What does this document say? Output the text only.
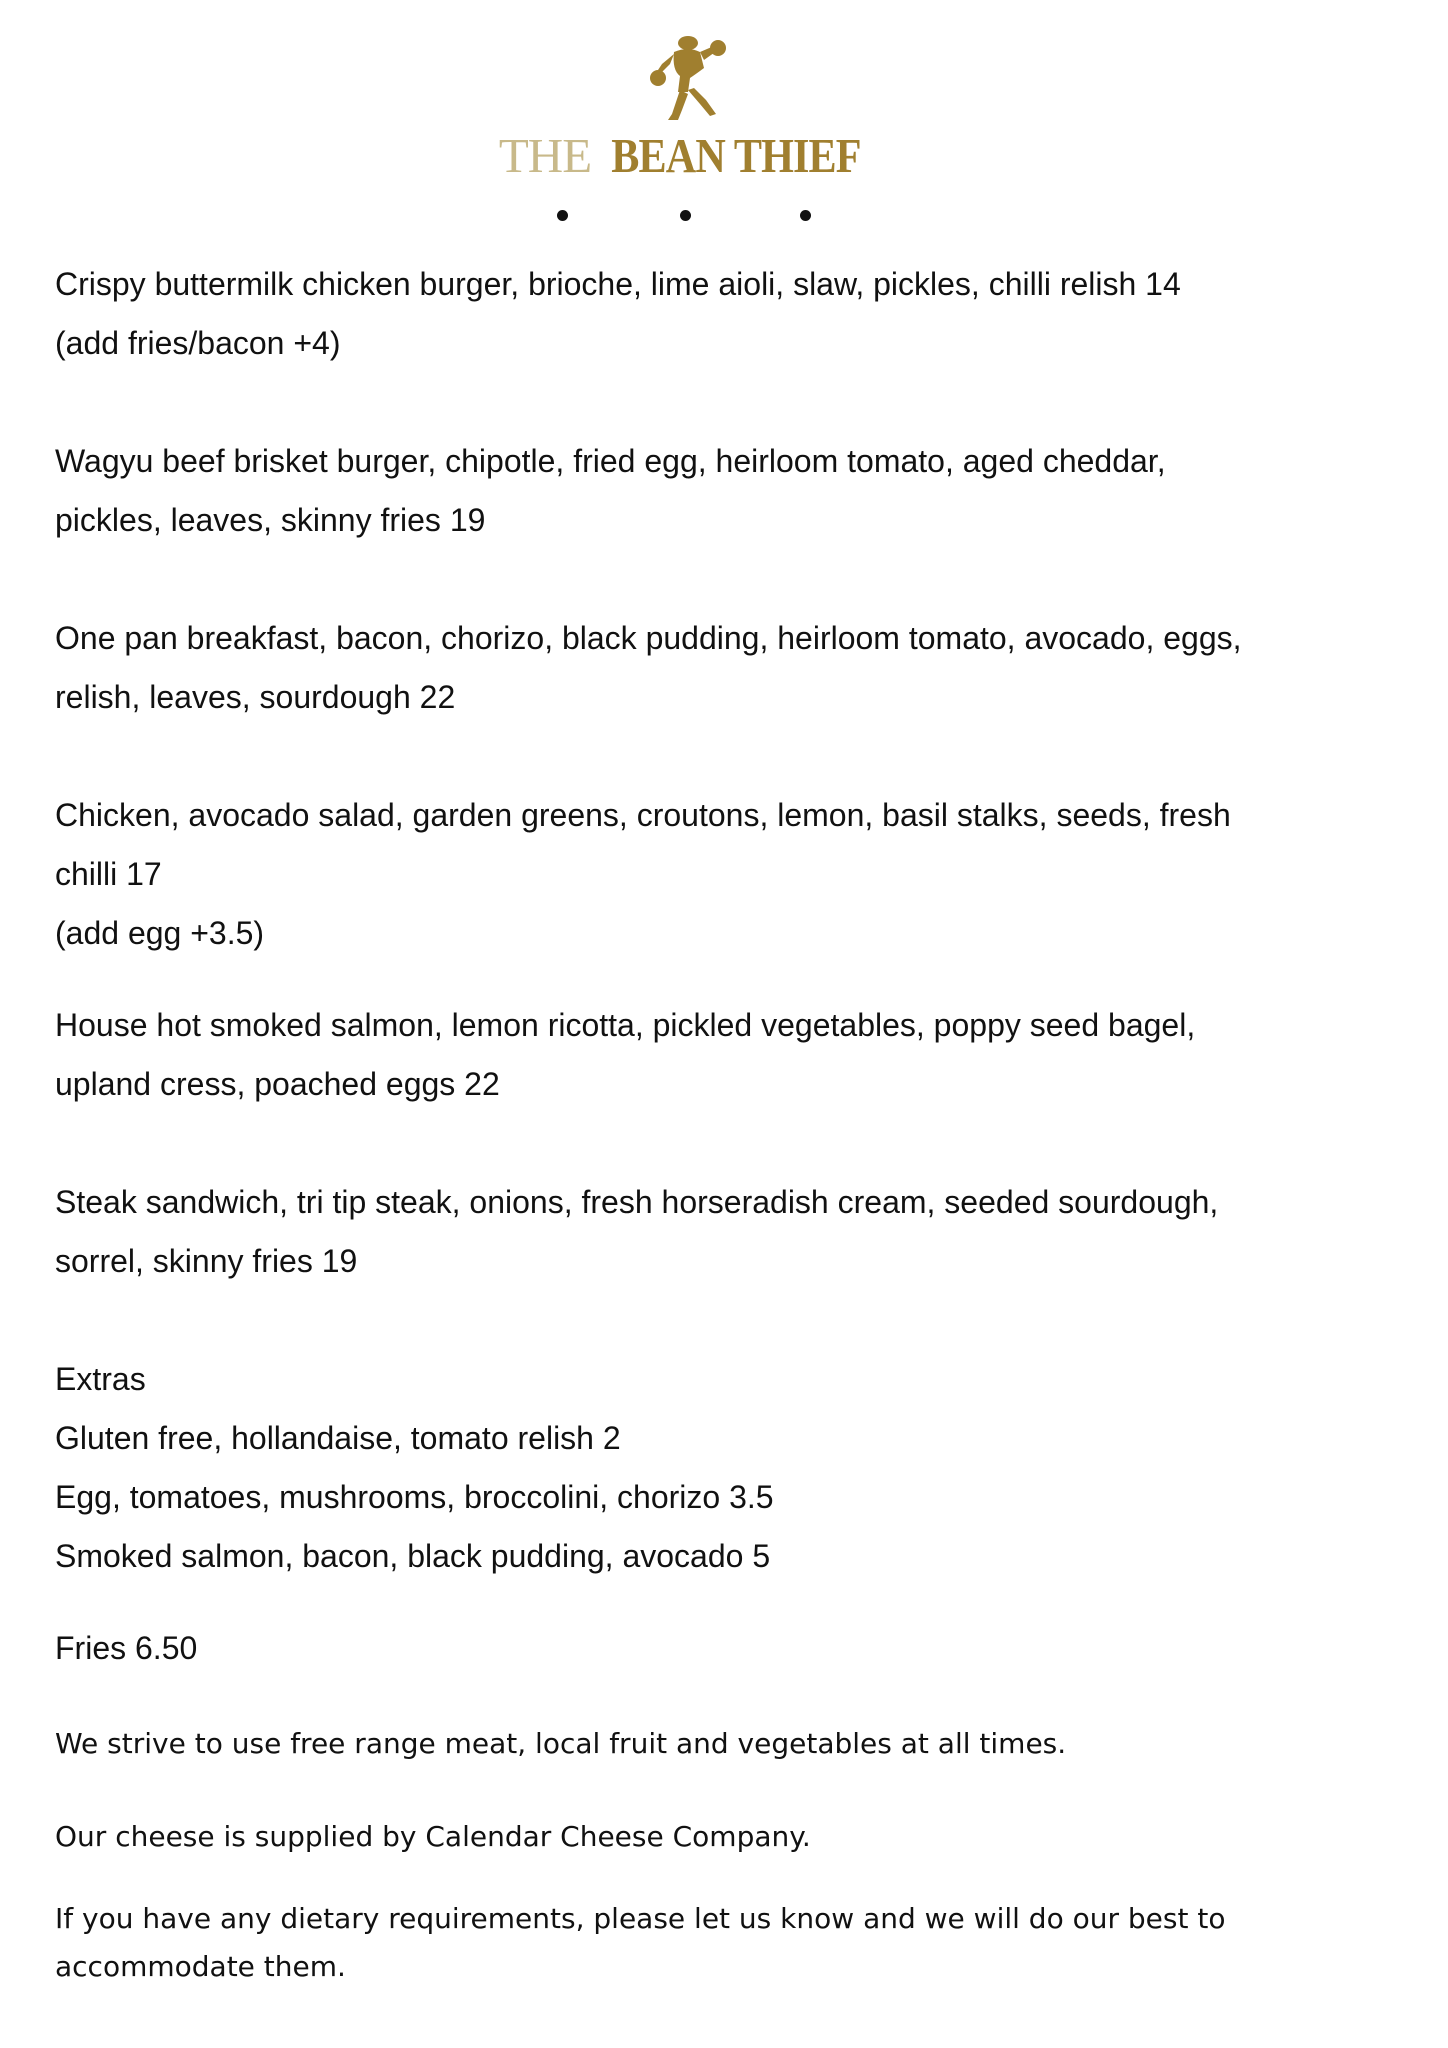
THE BEAN THIEF
Crispy buttermilk chicken burger, brioche, lime aioli, slaw, pickles, chilli relish 14
(add fries/bacon +4)
Wagyu beef brisket burger, chipotle, fried egg, heirloom tomato, aged cheddar,
pickles, leaves, skinny fries 19
One pan breakfast, bacon, chorizo, black pudding, heirloom tomato, avocado, eggs,
relish, leaves, sourdough 22
Chicken, avocado salad, garden greens, croutons, lemon, basil stalks, seeds, fresh
chilli 17
(add egg +3.5)
House hot smoked salmon, lemon ricotta, pickled vegetables, poppy seed bagel,
upland cress, poached eggs 22
Steak sandwich, tri tip steak, onions, fresh horseradish cream, seeded sourdough,
sorrel, skinny fries 19
Extras
Gluten free, hollandaise, tomato relish 2
Egg, tomatoes, mushrooms, broccolini, chorizo 3.5
Smoked salmon, bacon, black pudding, avocado 5
Fries 6.50

We strive to use free range meat, local fruit and vegetables at all times.

Our cheese is supplied by Calendar Cheese Company.

If you have any dietary requirements, please let us know and we will do our best to

accommodate them.
